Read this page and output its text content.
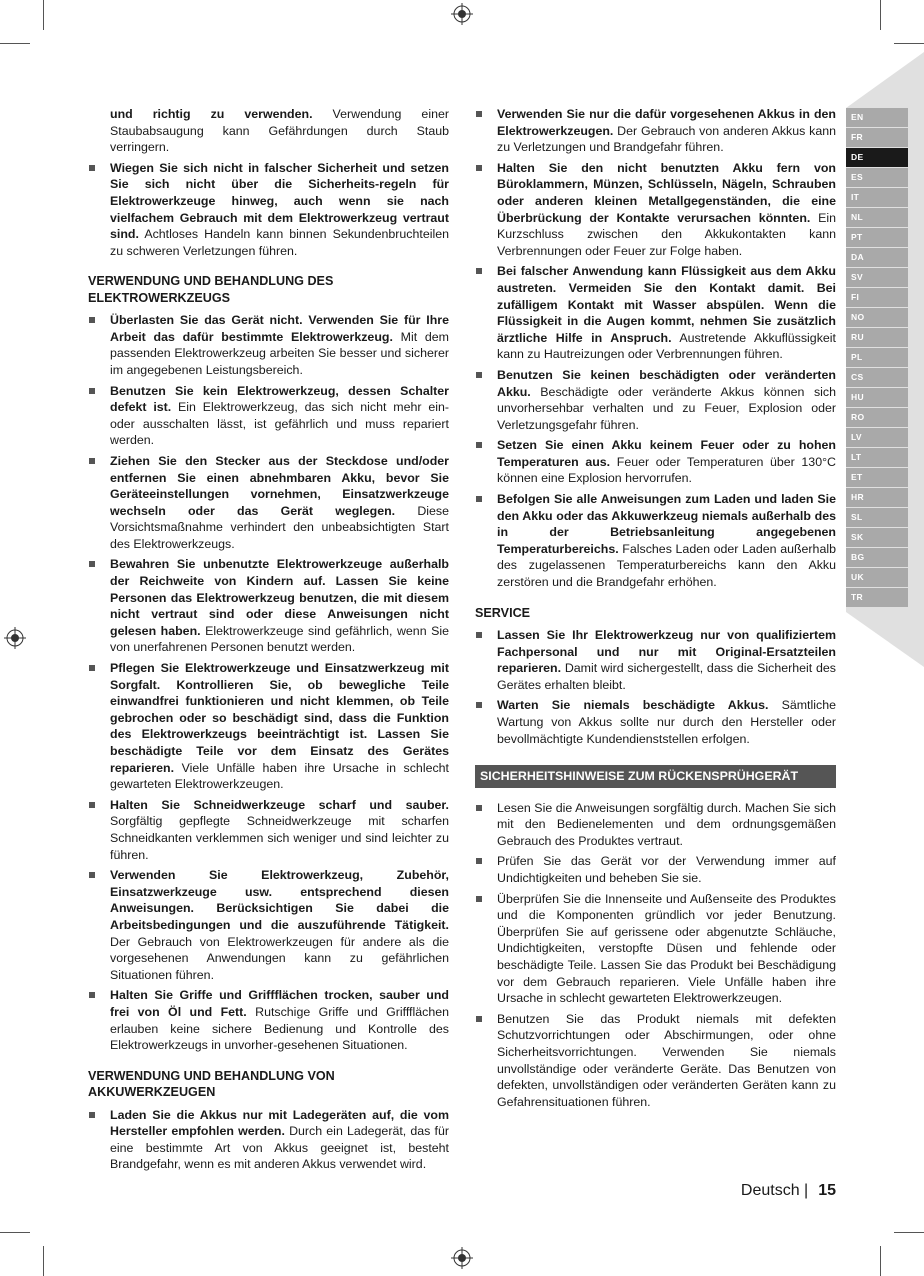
EN
FR
DE
ES
IT
NL
PT
DA
SV
FI
NO
RU
PL
CS
HU
RO
LV
LT
ET
HR
SL
SK
BG
UK
TR

und richtig zu verwenden. Verwendung einer Staubabsaugung kann Gefährdungen durch Staub verringern.

Wiegen Sie sich nicht in falscher Sicherheit und setzen Sie sich nicht über die Sicherheits-regeln für Elektrowerkzeuge hinweg, auch wenn sie nach vielfachem Gebrauch mit dem Elektrowerkzeug vertraut sind. Achtloses Handeln kann binnen Sekundenbruchteilen zu schweren Verletzungen führen.
VERWENDUNG UND BEHANDLUNG DES ELEKTROWERKZEUGS
Überlasten Sie das Gerät nicht. Verwenden Sie für Ihre Arbeit das dafür bestimmte Elektrowerkzeug. Mit dem passenden Elektrowerkzeug arbeiten Sie besser und sicherer im angegebenen Leistungsbereich.
Benutzen Sie kein Elektrowerkzeug, dessen Schalter defekt ist. Ein Elektrowerkzeug, das sich nicht mehr ein- oder ausschalten lässt, ist gefährlich und muss repariert werden.
Ziehen Sie den Stecker aus der Steckdose und/oder entfernen Sie einen abnehmbaren Akku, bevor Sie Geräteeinstellungen vornehmen, Einsatzwerkzeuge wechseln oder das Gerät weglegen. Diese Vorsichtsmaßnahme verhindert den unbeabsichtigten Start des Elektrowerkzeugs.
Bewahren Sie unbenutzte Elektrowerkzeuge außerhalb der Reichweite von Kindern auf. Lassen Sie keine Personen das Elektrowerkzeug benutzen, die mit diesem nicht vertraut sind oder diese Anweisungen nicht gelesen haben. Elektrowerkzeuge sind gefährlich, wenn Sie von unerfahrenen Personen benutzt werden.
Pflegen Sie Elektrowerkzeuge und Einsatzwerkzeug mit Sorgfalt. Kontrollieren Sie, ob bewegliche Teile einwandfrei funktionieren und nicht klemmen, ob Teile gebrochen oder so beschädigt sind, dass die Funktion des Elektrowerkzeugs beeinträchtigt ist. Lassen Sie beschädigte Teile vor dem Einsatz des Gerätes reparieren. Viele Unfälle haben ihre Ursache in schlecht gewarteten Elektrowerkzeugen.
Halten Sie Schneidwerkzeuge scharf und sauber. Sorgfältig gepflegte Schneidwerkzeuge mit scharfen Schneidkanten verklemmen sich weniger und sind leichter zu führen.
Verwenden Sie Elektrowerkzeug, Zubehör, Einsatzwerkzeuge usw. entsprechend diesen Anweisungen. Berücksichtigen Sie dabei die Arbeitsbedingungen und die auszuführende Tätigkeit. Der Gebrauch von Elektrowerkzeugen für andere als die vorgesehenen Anwendungen kann zu gefährlichen Situationen führen.
Halten Sie Griffe und Griffflächen trocken, sauber und frei von Öl und Fett. Rutschige Griffe und Griffflächen erlauben keine sichere Bedienung und Kontrolle des Elektrowerkzeugs in unvorher-gesehenen Situationen.
VERWENDUNG UND BEHANDLUNG VON AKKUWERKZEUGEN
Laden Sie die Akkus nur mit Ladegeräten auf, die vom Hersteller empfohlen werden. Durch ein Ladegerät, das für eine bestimmte Art von Akkus geeignet ist, besteht Brandgefahr, wenn es mit anderen Akkus verwendet wird.
Verwenden Sie nur die dafür vorgesehenen Akkus in den Elektrowerkzeugen. Der Gebrauch von anderen Akkus kann zu Verletzungen und Brandgefahr führen.
Halten Sie den nicht benutzten Akku fern von Büroklammern, Münzen, Schlüsseln, Nägeln, Schrauben oder anderen kleinen Metallgegenständen, die eine Überbrückung der Kontakte verursachen könnten. Ein Kurzschluss zwischen den Akkukontakten kann Verbrennungen oder Feuer zur Folge haben.
Bei falscher Anwendung kann Flüssigkeit aus dem Akku austreten. Vermeiden Sie den Kontakt damit. Bei zufälligem Kontakt mit Wasser abspülen. Wenn die Flüssigkeit in die Augen kommt, nehmen Sie zusätzlich ärztliche Hilfe in Anspruch. Austretende Akkuflüssigkeit kann zu Hautreizungen oder Verbrennungen führen.
Benutzen Sie keinen beschädigten oder veränderten Akku. Beschädigte oder veränderte Akkus können sich unvorhersehbar verhalten und zu Feuer, Explosion oder Verletzungsgefahr führen.
Setzen Sie einen Akku keinem Feuer oder zu hohen Temperaturen aus. Feuer oder Temperaturen über 130°C können eine Explosion hervorrufen.
Befolgen Sie alle Anweisungen zum Laden und laden Sie den Akku oder das Akkuwerkzeug niemals außerhalb des in der Betriebsanleitung angegebenen Temperaturbereichs. Falsches Laden oder Laden außerhalb des zugelassenen Temperaturbereichs kann den Akku zerstören und die Brandgefahr erhöhen.
SERVICE
Lassen Sie Ihr Elektrowerkzeug nur von qualifiziertem Fachpersonal und nur mit Original-Ersatzteilen reparieren. Damit wird sichergestellt, dass die Sicherheit des Gerätes erhalten bleibt.
Warten Sie niemals beschädigte Akkus. Sämtliche Wartung von Akkus sollte nur durch den Hersteller oder bevollmächtigte Kundendienststellen erfolgen.
SICHERHEITSHINWEISE ZUM RÜCKENSPRÜHGERÄT
Lesen Sie die Anweisungen sorgfältig durch. Machen Sie sich mit den Bedienelementen und dem ordnungsgemäßen Gebrauch des Produktes vertraut.
Prüfen Sie das Gerät vor der Verwendung immer auf Undichtigkeiten und beheben Sie sie.
Überprüfen Sie die Innenseite und Außenseite des Produktes und die Komponenten gründlich vor jeder Benutzung. Überprüfen Sie auf gerissene oder abgenutzte Schläuche, Undichtigkeiten, verstopfte Düsen und fehlende oder beschädigte Teile. Lassen Sie das Produkt bei Beschädigung vor dem Gebrauch reparieren. Viele Unfälle haben ihre Ursache in schlecht gewarteten Elektrowerkzeugen.
Benutzen Sie das Produkt niemals mit defekten Schutzvorrichtungen oder Abschirmungen, oder ohne Sicherheitsvorrichtungen. Verwenden Sie niemals unvollständige oder veränderte Geräte. Das Benutzen von defekten, unvollständigen oder veränderten Geräten kann zu Gefahrensituationen führen.
Deutsch | 15
